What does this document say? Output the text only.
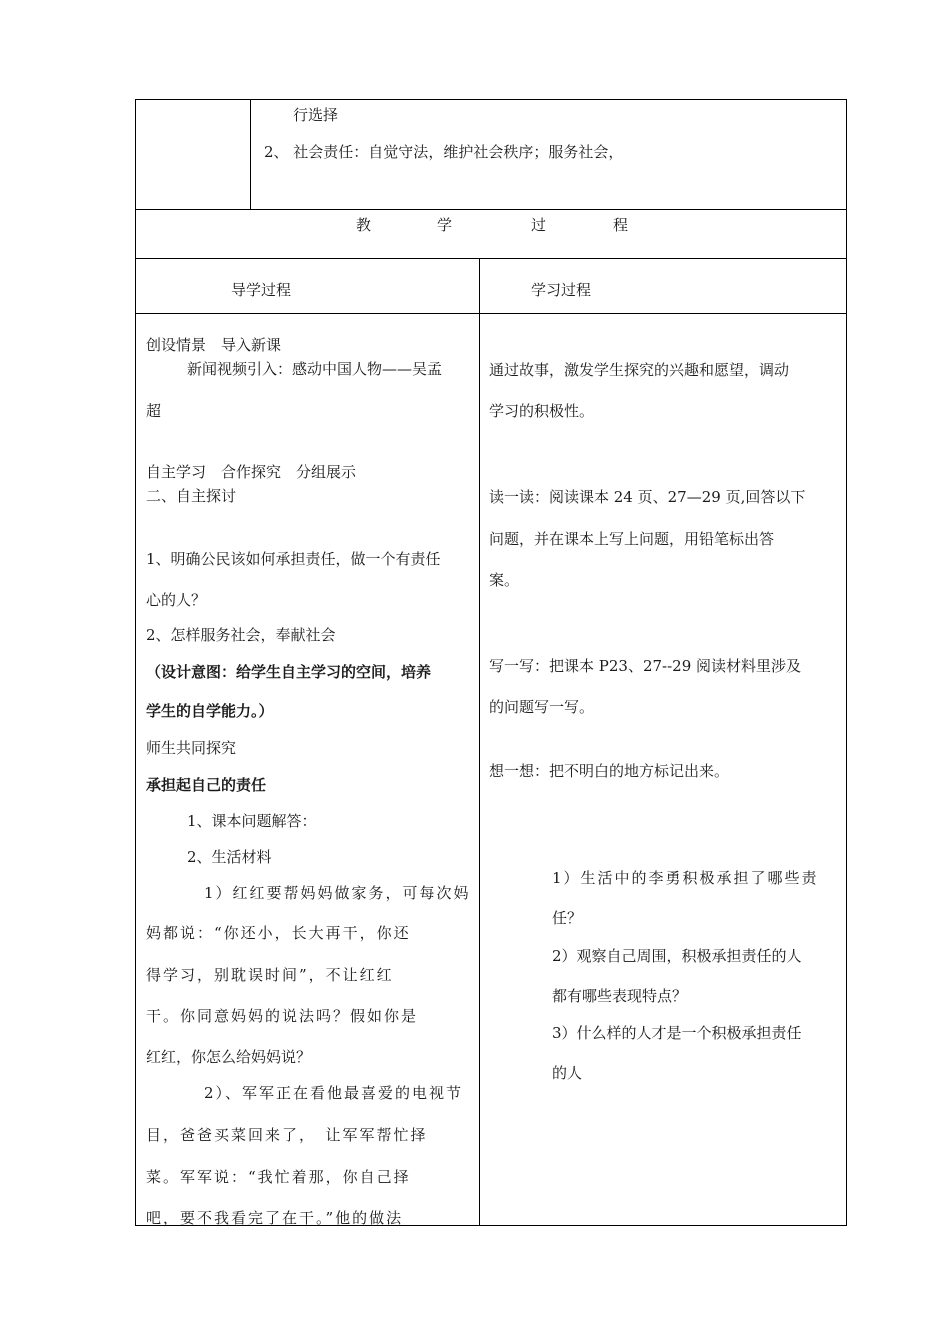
行选择
2、 社会责任：自觉守法，维护社会秩序；服务社会，
教	学	过	程
导学过程	学习过程
创设情景　导入新课
新闻视频引入：感动中国人物——吴孟
超
自主学习　合作探究　分组展示
二、自主探讨
1、明确公民该如何承担责任，做一个有责任
心的人？
2、怎样服务社会，奉献社会
（设计意图：给学生自主学习的空间，培养
学生的自学能力。）
师生共同探究
承担起自己的责任
1、课本问题解答：
2、生活材料
1）红红要帮妈妈做家务，可每次妈
妈都说：“你还小，长大再干，你还
得学习，别耽误时间”，不让红红
干。你同意妈妈的说法吗？假如你是
红红，你怎么给妈妈说？
2）、军军正在看他最喜爱的电视节
目，爸爸买菜回来了，　让军军帮忙择
菜。军军说：“我忙着那，你自己择
吧，要不我看完了在干。”他的做法
通过故事，激发学生探究的兴趣和愿望，调动
学习的积极性。
读一读：阅读课本 24 页、27—29 页,回答以下
问题，并在课本上写上问题，用铅笔标出答
案。
写一写：把课本 P23、27--29 阅读材料里涉及
的问题写一写。
想一想：把不明白的地方标记出来。
1）生活中的李勇积极承担了哪些责
任？
2）观察自己周围，积极承担责任的人
都有哪些表现特点？
3）什么样的人才是一个积极承担责任
的人
